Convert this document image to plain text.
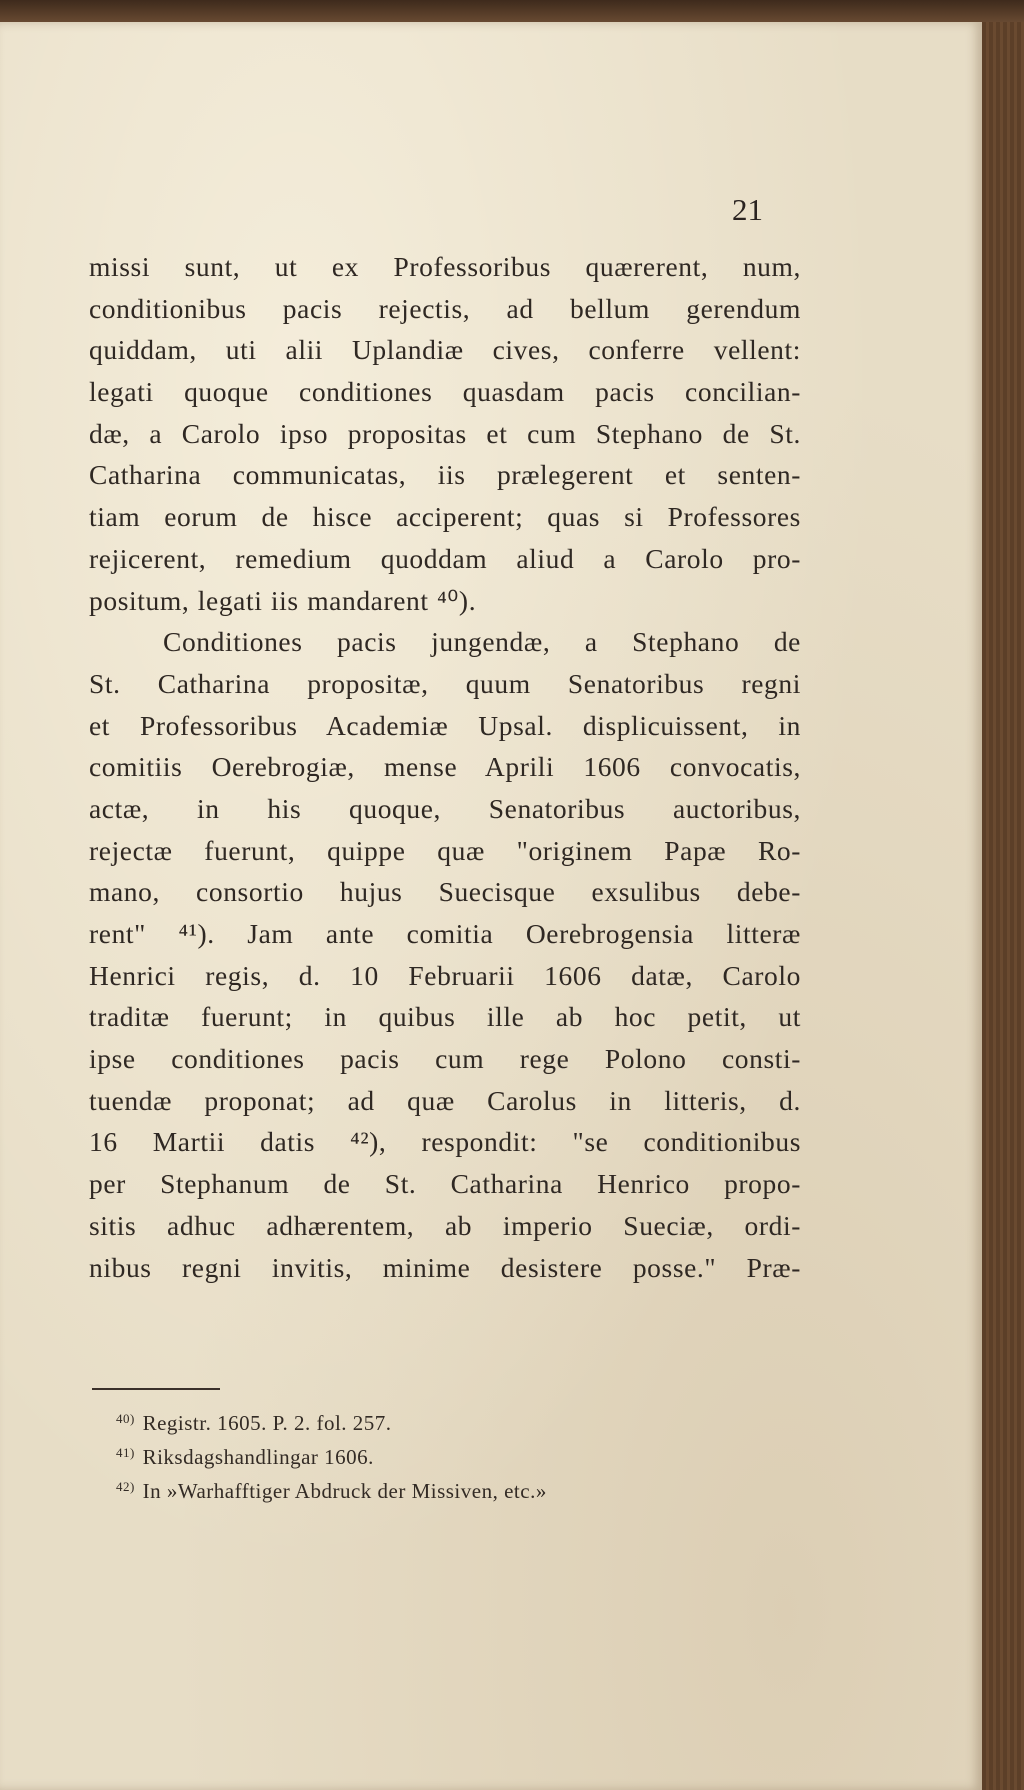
21

missi sunt, ut ex Professoribus quærerent, num,
conditionibus pacis rejectis, ad bellum gerendum
quiddam, uti alii Uplandiæ cives, conferre vellent:
legati quoque conditiones quasdam pacis concilian-
dæ, a Carolo ipso propositas et cum Stephano de St.
Catharina communicatas, iis prælegerent et senten-
tiam eorum de hisce acciperent; quas si Professores
rejicerent, remedium quoddam aliud a Carolo pro-
positum, legati iis mandarent ⁴⁰).
Conditiones pacis jungendæ, a Stephano de
St. Catharina propositæ, quum Senatoribus regni
et Professoribus Academiæ Upsal. displicuissent, in
comitiis Oerebrogiæ, mense Aprili 1606 convocatis,
actæ, in his quoque, Senatoribus auctoribus,
rejectæ fuerunt, quippe quæ "originem Papæ Ro-
mano, consortio hujus Suecisque exsulibus debe-
rent" ⁴¹). Jam ante comitia Oerebrogensia litteræ
Henrici regis, d. 10 Februarii 1606 datæ, Carolo
traditæ fuerunt; in quibus ille ab hoc petit, ut
ipse conditiones pacis cum rege Polono consti-
tuendæ proponat; ad quæ Carolus in litteris, d.
16 Martii datis ⁴²), respondit: "se conditionibus
per Stephanum de St. Catharina Henrico propo-
sitis adhuc adhærentem, ab imperio Sueciæ, ordi-
nibus regni invitis, minime desistere posse." Præ-
$^{40)}$ Registr. 1605. P. 2. fol. 257.
$^{41)}$ Riksdagshandlingar 1606.
$^{42)}$ In »Warhafftiger Abdruck der Missiven, etc.»
